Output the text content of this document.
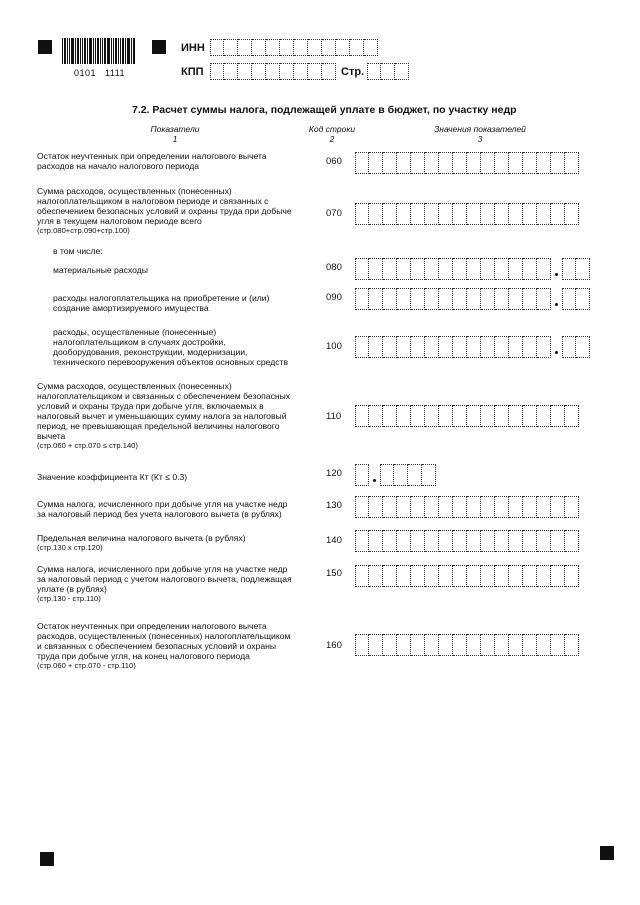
0101   1111
ИНН
КПП	Стр.
7.2. Расчет суммы налога, подлежащей уплате в бюджет, по участку недр
Показатели
1
Код строки
2
Значения показателей
3
Остаток неучтенных при определении налогового вычета
расходов на начало налогового периода	060
Сумма расходов, осуществленных (понесенных)
налогоплательщиком в налоговом периоде и связанных с
обеспечением безопасных условий и охраны труда при добыче
угля в текущем налоговом периоде всего
(стр.080+стр.090+стр.100)
070
материальные расходы	080
расходы налогоплательщика на приобретение и (или)
создание амортизируемого имущества
090
расходы, осуществленные (понесенные)
налогоплательщиком в случаях достройки,
дооборудования, реконструкции, модернизации,
технического перевооружения объектов основных средств
100
Сумма расходов, осуществленных (понесенных)
налогоплательщиком и связанных с обеспечением безопасных
условий и охраны труда при добыче угля, включаемых в
налоговый вычет и уменьшающих сумму налога за налоговый
период, не превышающая предельной величины налогового
вычета
(стр.060 + стр.070 ≤ стр.140)
110
Значение коэффициента Кт (Кт ≤ 0.3)	120
Сумма налога, исчисленного при добыче угля на участке недр
за налоговый период без учета налогового вычета (в рублях)
130
Предельная величина налогового вычета (в рублях)
(стр.130 х стр.120)
140
Сумма налога, исчисленного при добыче угля на участке недр
за налоговый период с учетом налогового вычета, подлежащая
уплате (в рублях)
(стр.130 - стр.110)
150
Остаток неучтенных при определении налогового вычета
расходов, осуществленных (понесенных) налогоплательщиком
и связанных с обеспечением безопасных условий и охраны
труда при добыче угля, на конец налогового периода
(стр.060 + стр.070 - стр.110)
160
в том числе:
